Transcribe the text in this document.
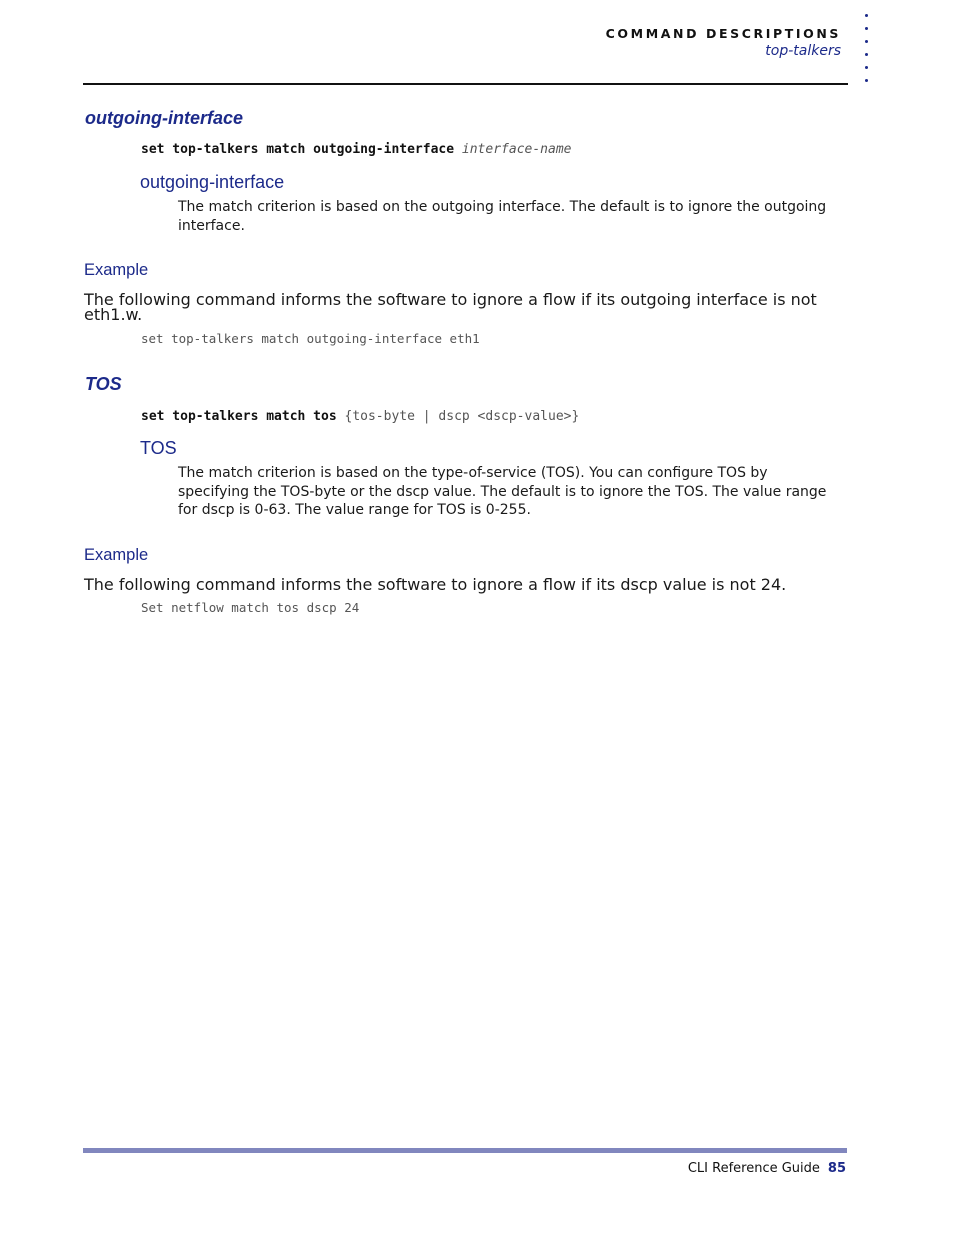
COMMAND DESCRIPTIONS
top-talkers
outgoing-interface
set top-talkers match outgoing-interface interface-name
outgoing-interface

The match criterion is based on the outgoing interface. The default is to ignore the outgoing interface.

Example

The following command informs the software to ignore a flow if its outgoing interface is not eth1.w.

set top-talkers match outgoing-interface eth1
TOS
set top-talkers match tos {tos-byte | dscp <dscp-value>}
TOS

The match criterion is based on the type-of-service (TOS). You can configure TOS by specifying the TOS-byte or the dscp value. The default is to ignore the TOS. The value range for dscp is 0-63. The value range for TOS is 0-255.

Example

The following command informs the software to ignore a flow if its dscp value is not 24.

Set netflow match tos dscp 24
CLI Reference Guide 85
